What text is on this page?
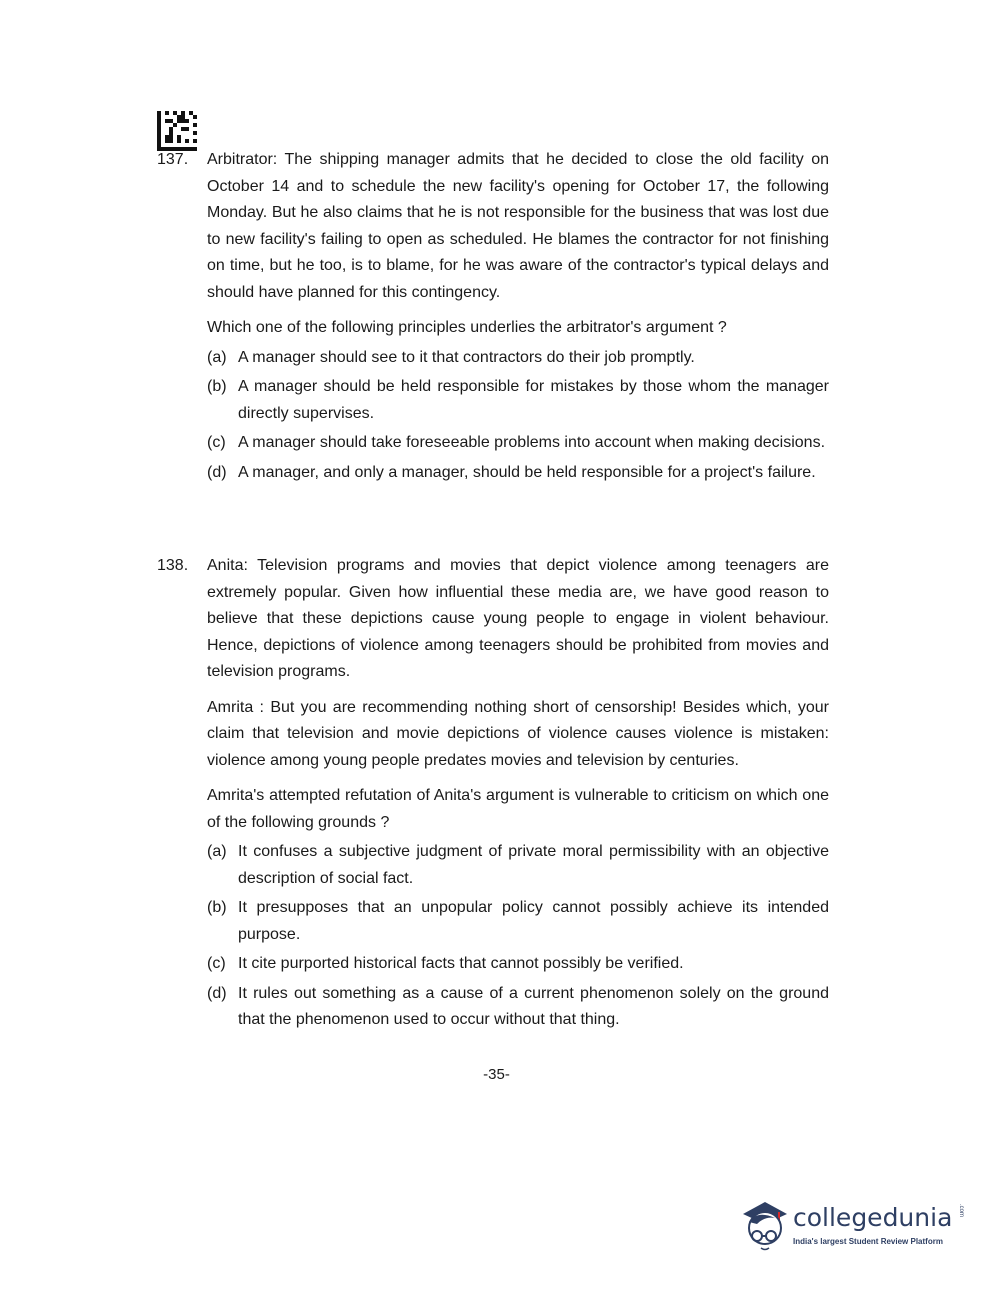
137.	Arbitrator: The shipping manager admits that he decided to close the old facility on October 14 and to schedule the new facility's opening for October 17, the following Monday. But he also claims that he is not responsible for the business that was lost due to new facility's failing to open as scheduled. He blames the contractor for not finishing on time, but he too, is to blame, for he was aware of the contractor's typical delays and should have planned for this contingency.

Which one of the following principles underlies the arbitrator's argument ?

(a) A manager should see to it that contractors do their job promptly.
(b) A manager should be held responsible for mistakes by those whom the manager directly supervises.
(c) A manager should take foreseeable problems into account when making decisions.
(d) A manager, and only a manager, should be held responsible for a project's failure.
138.	Anita: Television programs and movies that depict violence among teenagers are extremely popular. Given how influential these media are, we have good reason to believe that these depictions cause young people to engage in violent behaviour. Hence, depictions of violence among teenagers should be prohibited from movies and television programs.

Amrita : But you are recommending nothing short of censorship! Besides which, your claim that television and movie depictions of violence causes violence is mistaken: violence among young people predates movies and television by centuries.

Amrita's attempted refutation of Anita's argument is vulnerable to criticism on which one of the following grounds ?

(a) It confuses a subjective judgment of private moral permissibility with an objective description of social fact.
(b) It presupposes that an unpopular policy cannot possibly achieve its intended purpose.
(c) It cite purported historical facts that cannot possibly be verified.
(d) It rules out something as a cause of a current phenomenon solely on the ground that the phenomenon used to occur without that thing.
-35-
collegedunia .com
India's largest Student Review Platform
